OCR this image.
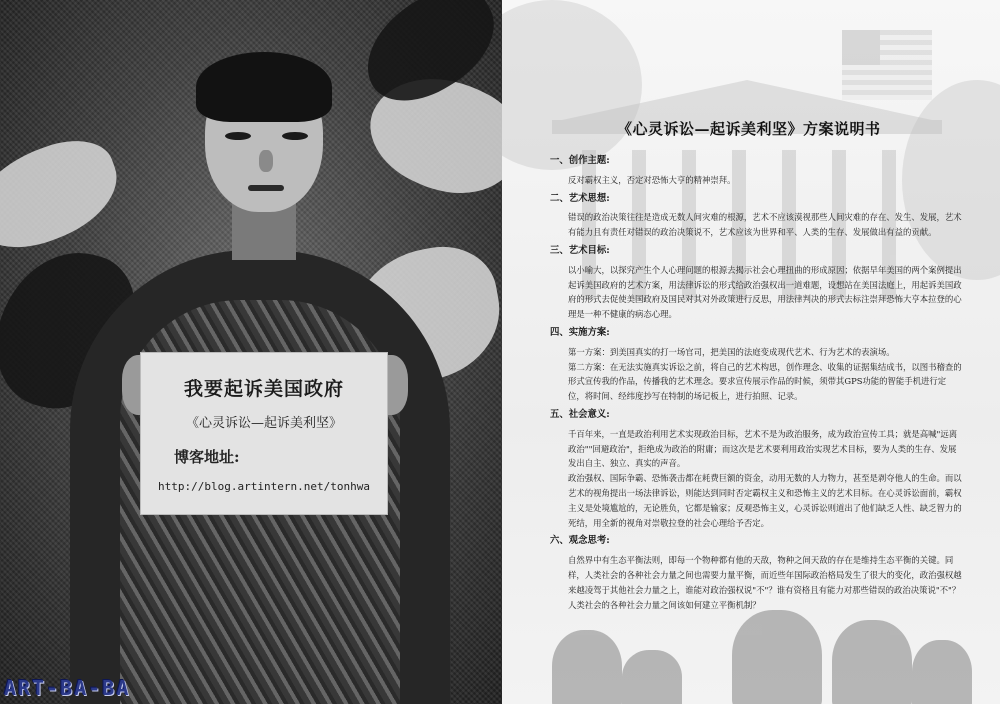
我要起诉美国政府
《心灵诉讼—起诉美利坚》
博客地址:
http://blog.artintern.net/tonhwa
ART-BA-BA
《心灵诉讼—起诉美利坚》方案说明书
一、创作主题:

反对霸权主义，否定对恐怖大亨的精神崇拜。

二、艺术思想:

错误的政治决策往往是造成无数人间灾难的根源，艺术不应该漠视那些人间灾难的存在、发生、发展，艺术有能力且有责任对错误的政治决策说不，艺术应该为世界和平、人类的生存、发展做出有益的贡献。

三、艺术目标:

以小喻大，以探究产生个人心理问题的根源去揭示社会心理扭曲的形成原因；依据早年美国的两个案例提出起诉美国政府的艺术方案，用法律诉讼的形式给政治强权出一道难题，设想站在美国法庭上，用起诉美国政府的形式去促使美国政府及国民对其对外政策进行反思，用法律判决的形式去标注崇拜恐怖大亨本拉登的心理是一种不健康的病态心理。

四、实施方案:

第一方案：到美国真实的打一场官司，把美国的法庭变成现代艺术、行为艺术的表演场。

第二方案：在无法实施真实诉讼之前，将自己的艺术构思，创作理念、收集的证据集结成书，以图书稽查的形式宣传我的作品，传播我的艺术理念。要求宣传展示作品的时候，须带其GPS功能的智能手机进行定位，将时间、经纬度抄写在特制的场记板上，进行拍照、记录。

五、社会意义:

千百年来，一直是政治利用艺术实现政治目标，艺术不是为政治服务，成为政治宣传工具；就是高喊"远离政治""回避政治"，拒绝成为政治的附庸；而这次是艺术要利用政治实现艺术目标，要为人类的生存、发展发出自主、独立、真实的声音。

政治强权、国际争霸、恐怖袭击都在耗费巨额的资金，动用无数的人力物力，甚至是剥夺他人的生命。而以艺术的视角提出一场法律诉讼，则能达到同时否定霸权主义和恐怖主义的艺术目标。在心灵诉讼面前，霸权主义是处境尴尬的，无论胜负，它都是输家；反观恐怖主义，心灵诉讼则道出了他们缺乏人性、缺乏智力的死结，用全新的视角对崇敬拉登的社会心理给予否定。

六、观念思考:

自然界中有生态平衡法则，即每一个物种都有他的天敌，物种之间天敌的存在是维持生态平衡的关键。同样，人类社会的各种社会力量之间也需要力量平衡，而近些年国际政治格局发生了很大的变化，政治强权越来越凌驾于其他社会力量之上，谁能对政治强权说"不"？谁有资格且有能力对那些错误的政治决策说"不"？人类社会的各种社会力量之间该如何建立平衡机制？
